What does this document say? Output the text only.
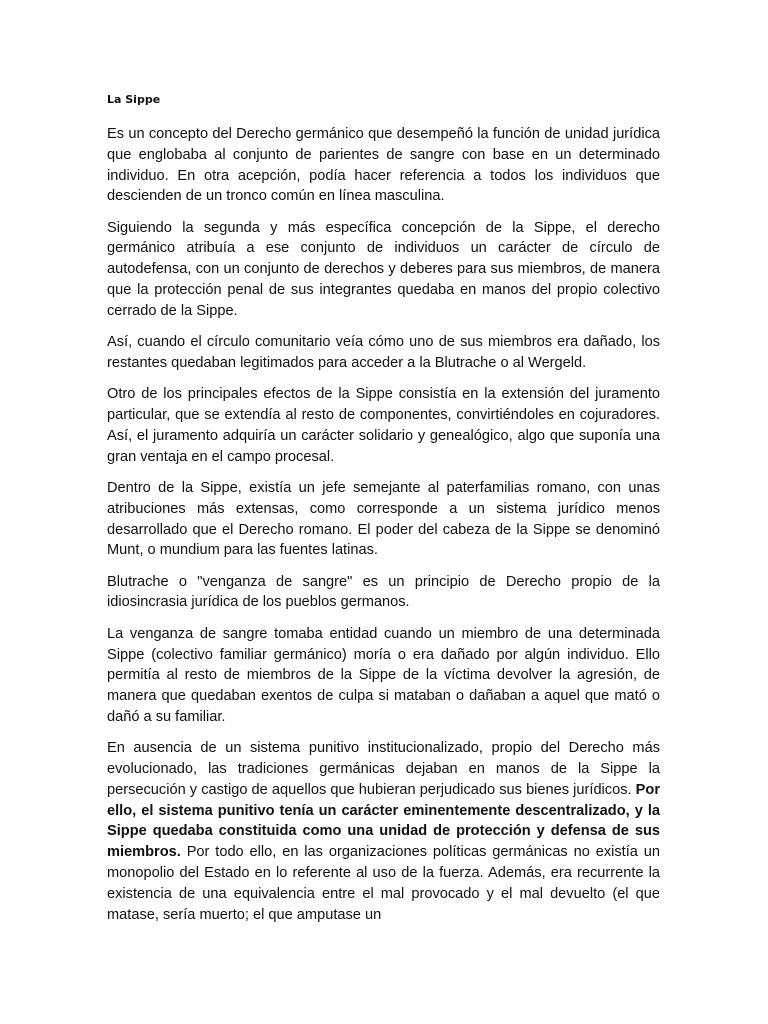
La Sippe

Es un concepto del Derecho germánico que desempeñó la función de unidad jurídica que englobaba al conjunto de parientes de sangre con base en un determinado individuo. En otra acepción, podía hacer referencia a todos los individuos que descienden de un tronco común en línea masculina.

Siguiendo la segunda y más específica concepción de la Sippe, el derecho germánico atribuía a ese conjunto de individuos un carácter de círculo de autodefensa, con un conjunto de derechos y deberes para sus miembros, de manera que la protección penal de sus integrantes quedaba en manos del propio colectivo cerrado de la Sippe.

Así, cuando el círculo comunitario veía cómo uno de sus miembros era dañado, los restantes quedaban legitimados para acceder a la Blutrache o al Wergeld.

Otro de los principales efectos de la Sippe consistía en la extensión del juramento particular, que se extendía al resto de componentes, convirtiéndoles en cojuradores. Así, el juramento adquiría un carácter solidario y genealógico, algo que suponía una gran ventaja en el campo procesal.

Dentro de la Sippe, existía un jefe semejante al paterfamilias romano, con unas atribuciones más extensas, como corresponde a un sistema jurídico menos desarrollado que el Derecho romano. El poder del cabeza de la Sippe se denominó Munt, o mundium para las fuentes latinas.

Blutrache o "venganza de sangre" es un principio de Derecho propio de la idiosincrasia jurídica de los pueblos germanos.

La venganza de sangre tomaba entidad cuando un miembro de una determinada Sippe (colectivo familiar germánico) moría o era dañado por algún individuo. Ello permitía al resto de miembros de la Sippe de la víctima devolver la agresión, de manera que quedaban exentos de culpa si mataban o dañaban a aquel que mató o dañó a su familiar.

En ausencia de un sistema punitivo institucionalizado, propio del Derecho más evolucionado, las tradiciones germánicas dejaban en manos de la Sippe la persecución y castigo de aquellos que hubieran perjudicado sus bienes jurídicos. Por ello, el sistema punitivo tenía un carácter eminentemente descentralizado, y la Sippe quedaba constituida como una unidad de protección y defensa de sus miembros. Por todo ello, en las organizaciones políticas germánicas no existía un monopolio del Estado en lo referente al uso de la fuerza. Además, era recurrente la existencia de una equivalencia entre el mal provocado y el mal devuelto (el que matase, sería muerto; el que amputase un
